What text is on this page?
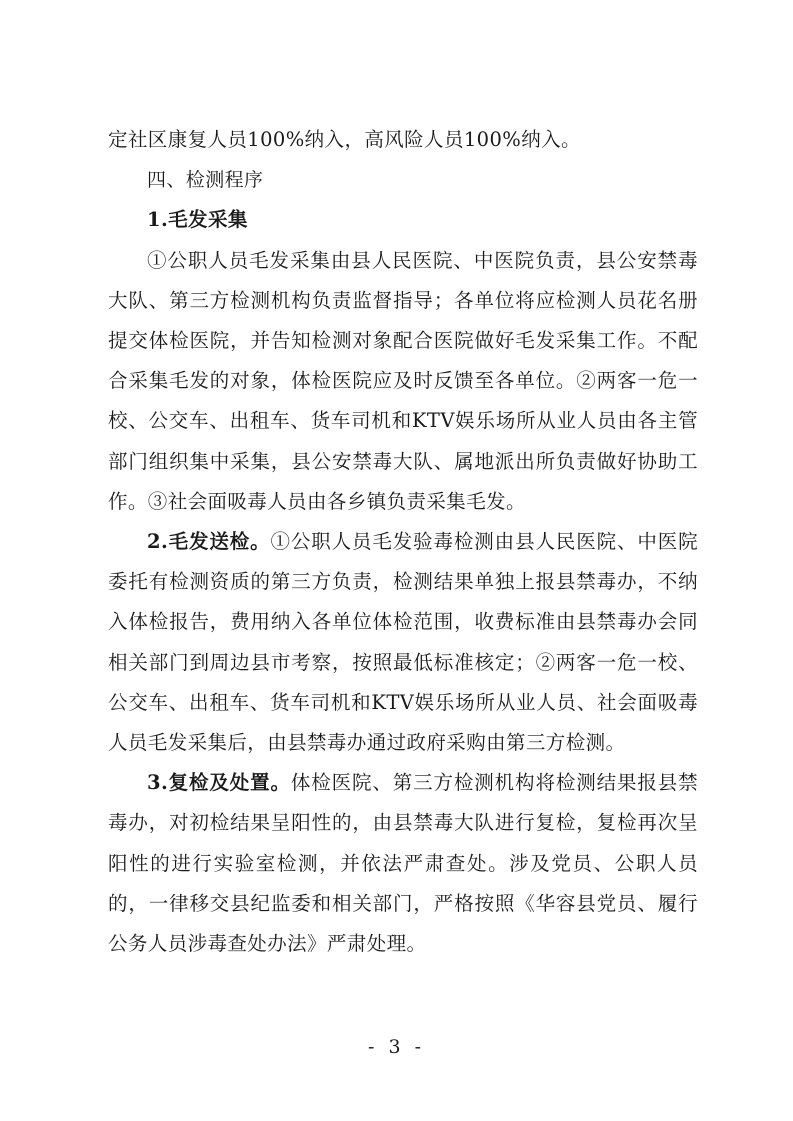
定社区康复人员100%纳入，高风险人员100%纳入。

四、检测程序

1.毛发采集

①公职人员毛发采集由县人民医院、中医院负责，县公安禁毒大队、第三方检测机构负责监督指导；各单位将应检测人员花名册提交体检医院，并告知检测对象配合医院做好毛发采集工作。不配合采集毛发的对象，体检医院应及时反馈至各单位。②两客一危一校、公交车、出租车、货车司机和KTV娱乐场所从业人员由各主管部门组织集中采集，县公安禁毒大队、属地派出所负责做好协助工作。③社会面吸毒人员由各乡镇负责采集毛发。

2.毛发送检。①公职人员毛发验毒检测由县人民医院、中医院委托有检测资质的第三方负责，检测结果单独上报县禁毒办，不纳入体检报告，费用纳入各单位体检范围，收费标准由县禁毒办会同相关部门到周边县市考察，按照最低标准核定；②两客一危一校、公交车、出租车、货车司机和KTV娱乐场所从业人员、社会面吸毒人员毛发采集后，由县禁毒办通过政府采购由第三方检测。

3.复检及处置。体检医院、第三方检测机构将检测结果报县禁毒办，对初检结果呈阳性的，由县禁毒大队进行复检，复检再次呈阳性的进行实验室检测，并依法严肃查处。涉及党员、公职人员的，一律移交县纪监委和相关部门，严格按照《华容县党员、履行公务人员涉毒查处办法》严肃处理。

- 3 -
